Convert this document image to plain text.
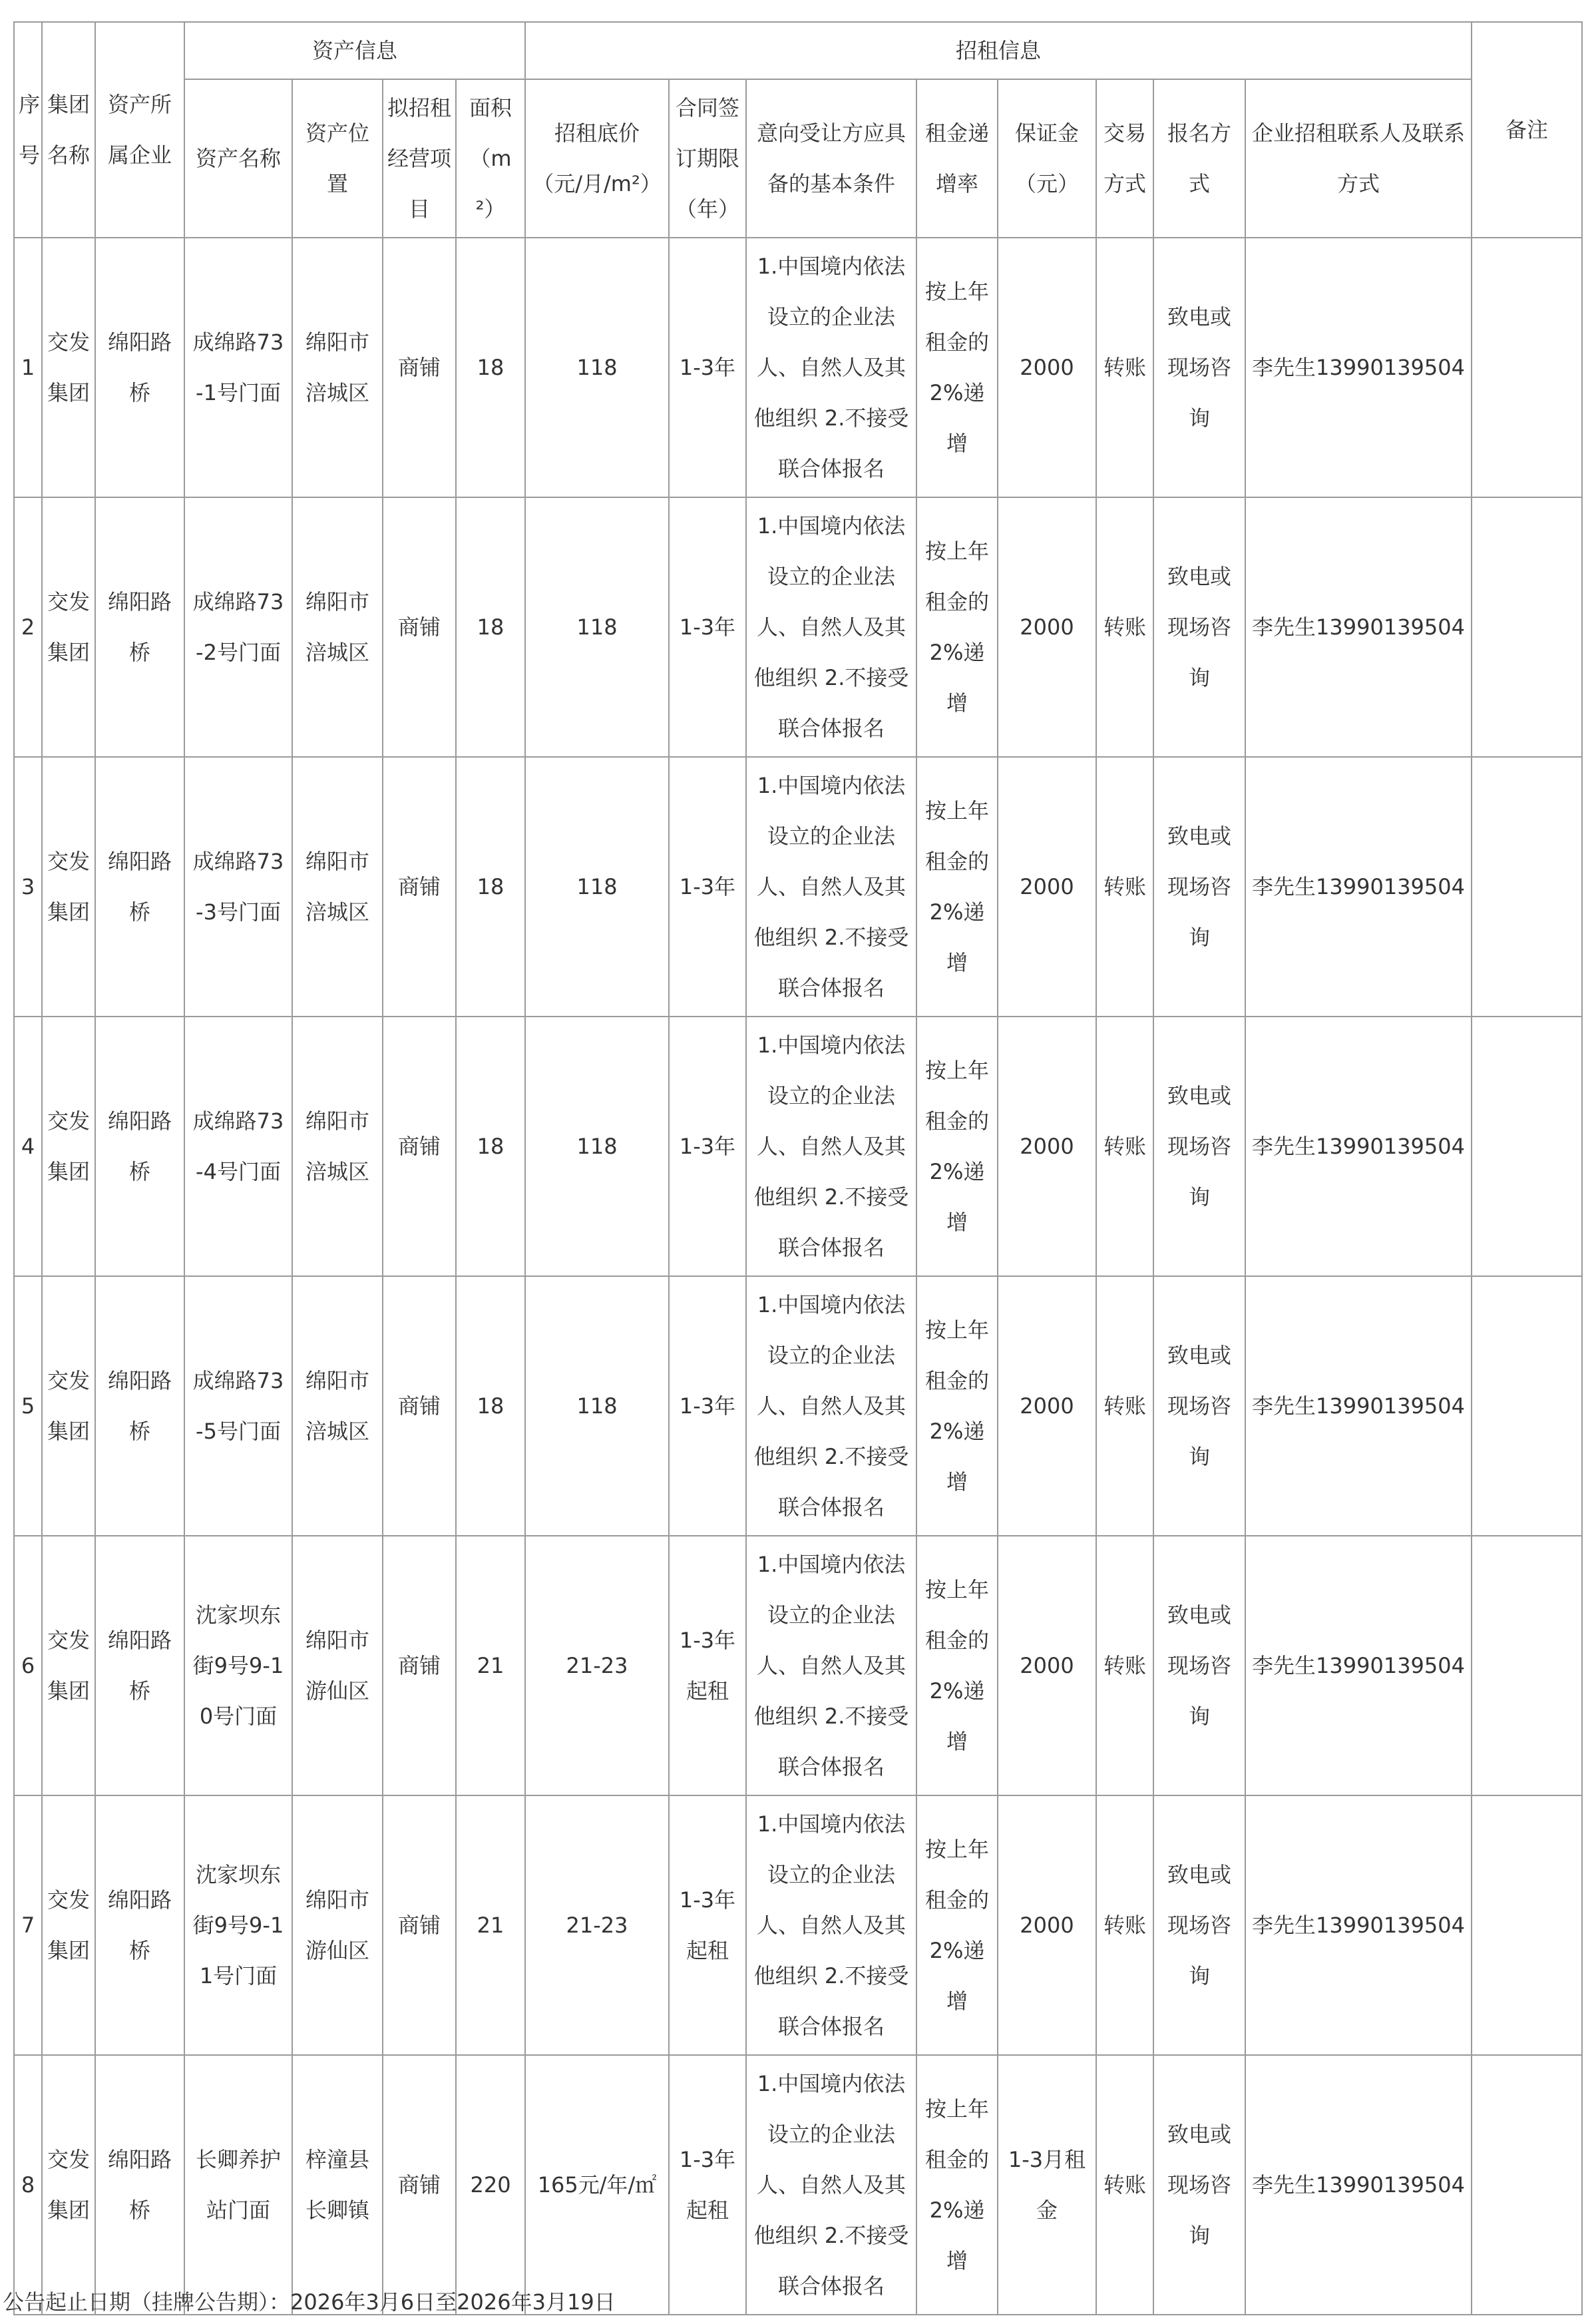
序号	集团名称	资产所属企业	资产信息				招租信息								备注
			资产名称	资产位置	拟招租经营项目	面积（m²）	招租底价（元/月/m²）	合同签订期限（年）	意向受让方应具备的基本条件	租金递增率	保证金（元）	交易方式	报名方式	企业招租联系人及联系方式	
1	交发集团	绵阳路桥	成绵路73-1号门面	绵阳市涪城区	商铺	18	118	1-3年	1.中国境内依法设立的企业法人、自然人及其他组织 2.不接受联合体报名	按上年租金的2%递增	2000	转账	致电或现场咨询	李先生13990139504	
2	交发集团	绵阳路桥	成绵路73-2号门面	绵阳市涪城区	商铺	18	118	1-3年	1.中国境内依法设立的企业法人、自然人及其他组织 2.不接受联合体报名	按上年租金的2%递增	2000	转账	致电或现场咨询	李先生13990139504	
3	交发集团	绵阳路桥	成绵路73-3号门面	绵阳市涪城区	商铺	18	118	1-3年	1.中国境内依法设立的企业法人、自然人及其他组织 2.不接受联合体报名	按上年租金的2%递增	2000	转账	致电或现场咨询	李先生13990139504	
4	交发集团	绵阳路桥	成绵路73-4号门面	绵阳市涪城区	商铺	18	118	1-3年	1.中国境内依法设立的企业法人、自然人及其他组织 2.不接受联合体报名	按上年租金的2%递增	2000	转账	致电或现场咨询	李先生13990139504	
5	交发集团	绵阳路桥	成绵路73-5号门面	绵阳市涪城区	商铺	18	118	1-3年	1.中国境内依法设立的企业法人、自然人及其他组织 2.不接受联合体报名	按上年租金的2%递增	2000	转账	致电或现场咨询	李先生13990139504	
6	交发集团	绵阳路桥	沈家坝东街9号9-10号门面	绵阳市游仙区	商铺	21	21-23	1-3年起租	1.中国境内依法设立的企业法人、自然人及其他组织 2.不接受联合体报名	按上年租金的2%递增	2000	转账	致电或现场咨询	李先生13990139504	
7	交发集团	绵阳路桥	沈家坝东街9号9-11号门面	绵阳市游仙区	商铺	21	21-23	1-3年起租	1.中国境内依法设立的企业法人、自然人及其他组织 2.不接受联合体报名	按上年租金的2%递增	2000	转账	致电或现场咨询	李先生13990139504	
8	交发集团	绵阳路桥	长卿养护站门面	梓潼县长卿镇	商铺	220	165元/年/㎡	1-3年起租	1.中国境内依法设立的企业法人、自然人及其他组织 2.不接受联合体报名	按上年租金的2%递增	1-3月租金	转账	致电或现场咨询	李先生13990139504	
公告起止日期（挂牌公告期）：2026年3月6日至2026年3月19日
